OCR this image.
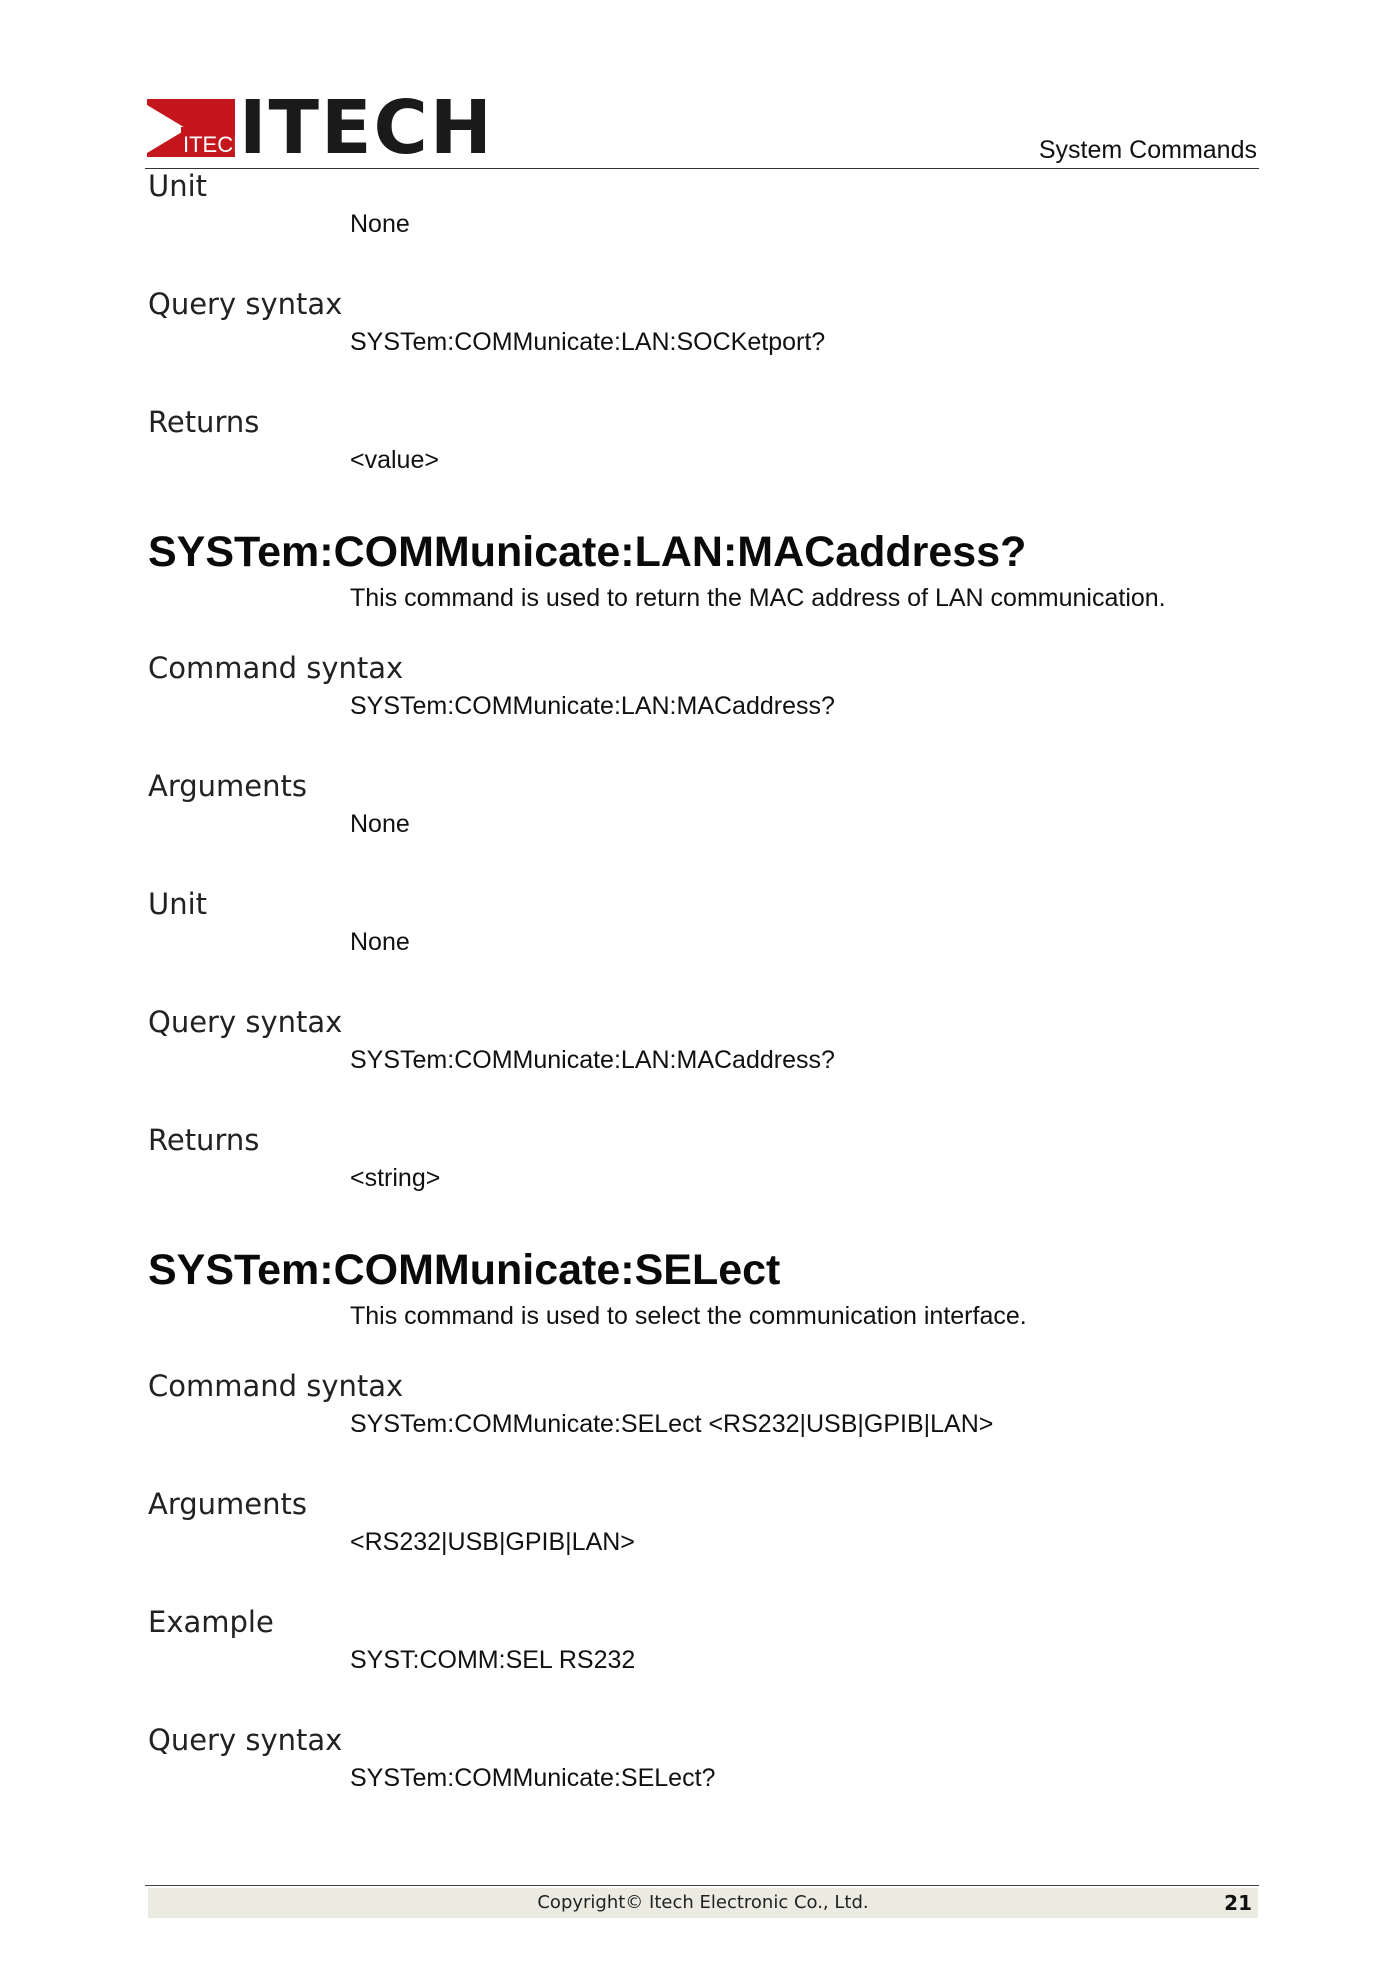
ITECH
ITECH	System Commands
Unit
None
Query syntax
SYSTem:COMMunicate:LAN:SOCKetport?
Returns
<value>
SYSTem:COMMunicate:LAN:MACaddress?
This command is used to return the MAC address of LAN communication.
Command syntax
SYSTem:COMMunicate:LAN:MACaddress?
Arguments
None
Unit
None
Query syntax
SYSTem:COMMunicate:LAN:MACaddress?
Returns
<string>
SYSTem:COMMunicate:SELect
This command is used to select the communication interface.
Command syntax
SYSTem:COMMunicate:SELect <RS232|USB|GPIB|LAN>
Arguments
<RS232|USB|GPIB|LAN>
Example
SYST:COMM:SEL RS232
Query syntax
SYSTem:COMMunicate:SELect?
Copyright© Itech Electronic Co., Ltd.	21
